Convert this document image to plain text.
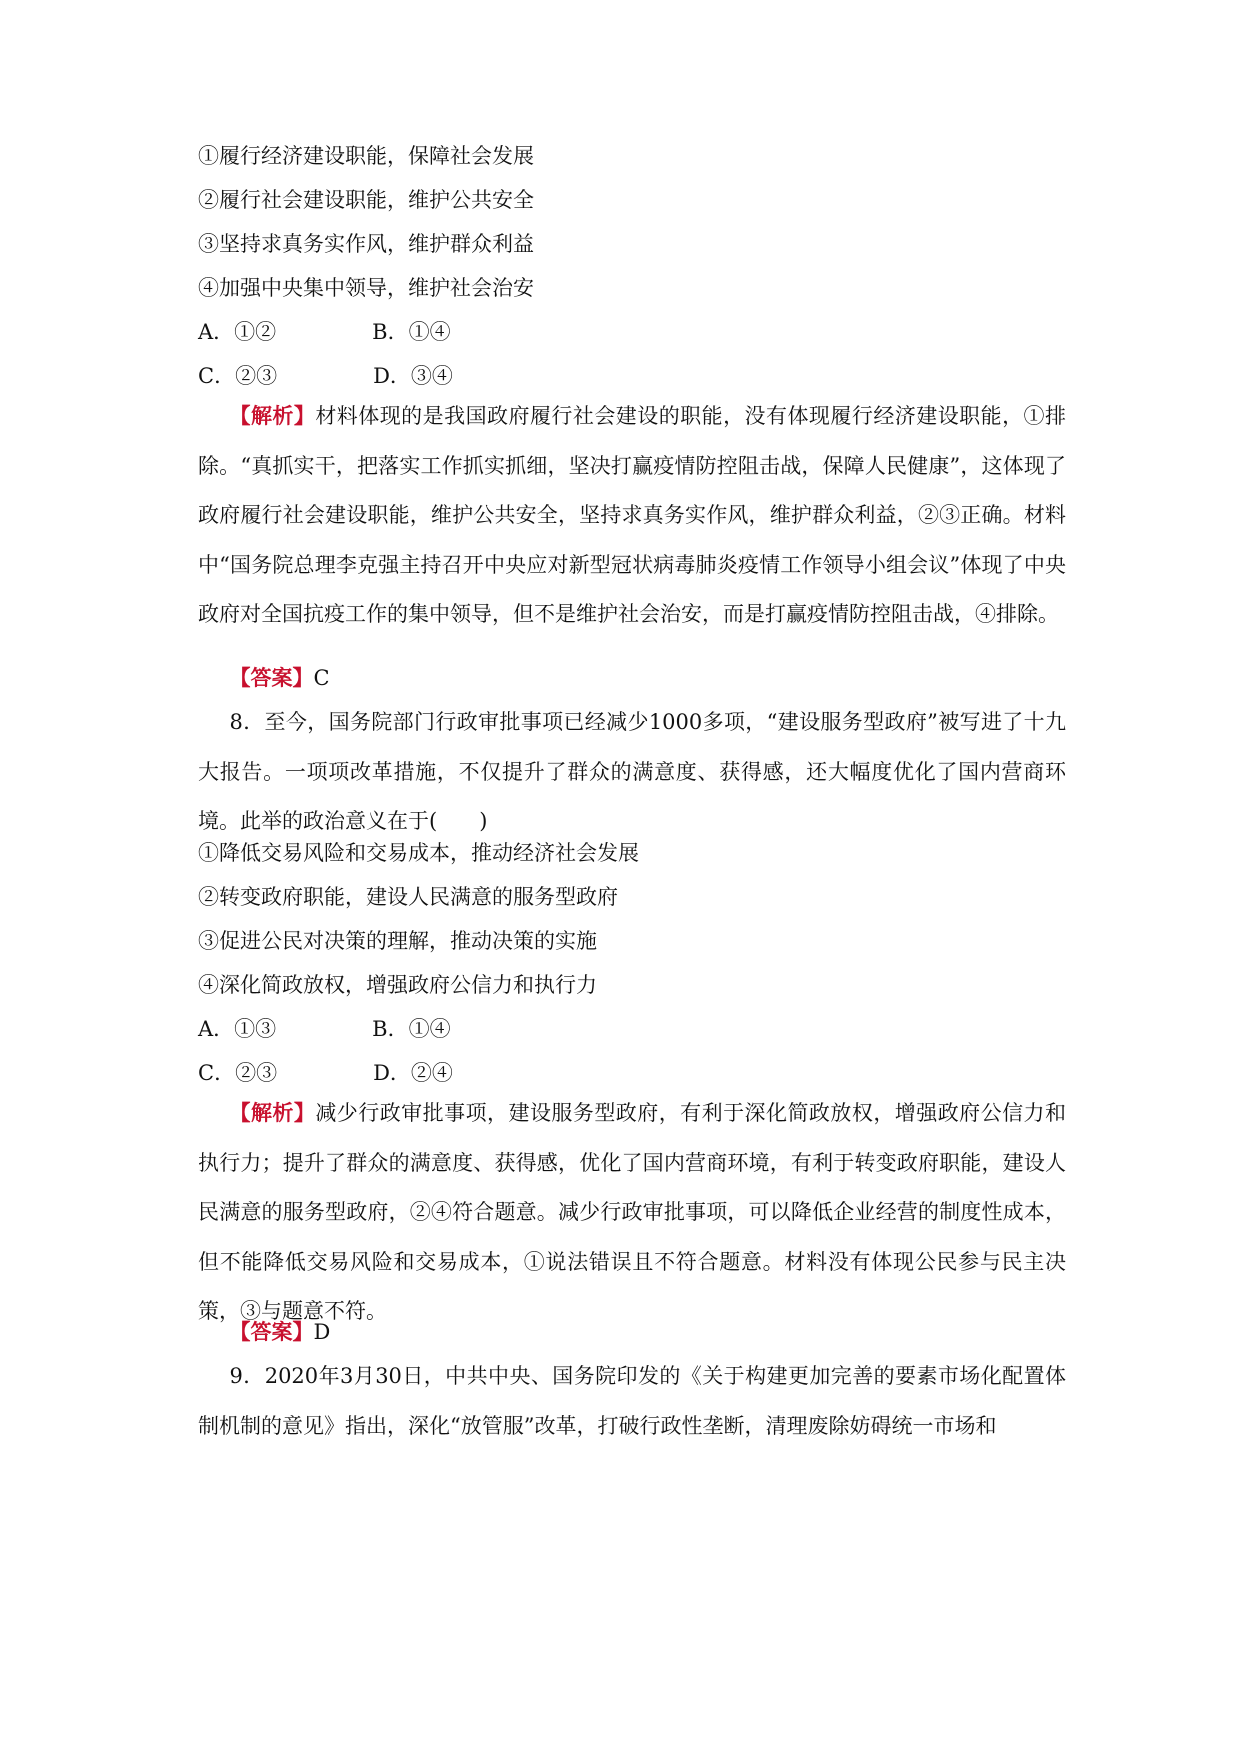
①履行经济建设职能，保障社会发展
②履行社会建设职能，维护公共安全
③坚持求真务实作风，维护群众利益
④加强中央集中领导，维护社会治安
A．①②	B．①④
C．②③	D．③④
【解析】材料体现的是我国政府履行社会建设的职能，没有体现履行经济建设职能，①排除。“真抓实干，把落实工作抓实抓细，坚决打赢疫情防控阻击战，保障人民健康”，这体现了政府履行社会建设职能，维护公共安全，坚持求真务实作风，维护群众利益，②③正确。材料中“国务院总理李克强主持召开中央应对新型冠状病毒肺炎疫情工作领导小组会议”体现了中央政府对全国抗疫工作的集中领导，但不是维护社会治安，而是打赢疫情防控阻击战，④排除。
【答案】C
8．至今，国务院部门行政审批事项已经减少1000多项，“建设服务型政府”被写进了十九大报告。一项项改革措施，不仅提升了群众的满意度、获得感，还大幅度优化了国内营商环境。此举的政治意义在于(　　)
①降低交易风险和交易成本，推动经济社会发展
②转变政府职能，建设人民满意的服务型政府
③促进公民对决策的理解，推动决策的实施
④深化简政放权，增强政府公信力和执行力
A．①③	B．①④
C．②③	D．②④
【解析】减少行政审批事项，建设服务型政府，有利于深化简政放权，增强政府公信力和执行力；提升了群众的满意度、获得感，优化了国内营商环境，有利于转变政府职能，建设人民满意的服务型政府，②④符合题意。减少行政审批事项，可以降低企业经营的制度性成本，但不能降低交易风险和交易成本，①说法错误且不符合题意。材料没有体现公民参与民主决策，③与题意不符。
【答案】D
9．2020年3月30日，中共中央、国务院印发的《关于构建更加完善的要素市场化配置体制机制的意见》指出，深化“放管服”改革，打破行政性垄断，清理废除妨碍统一市场和
